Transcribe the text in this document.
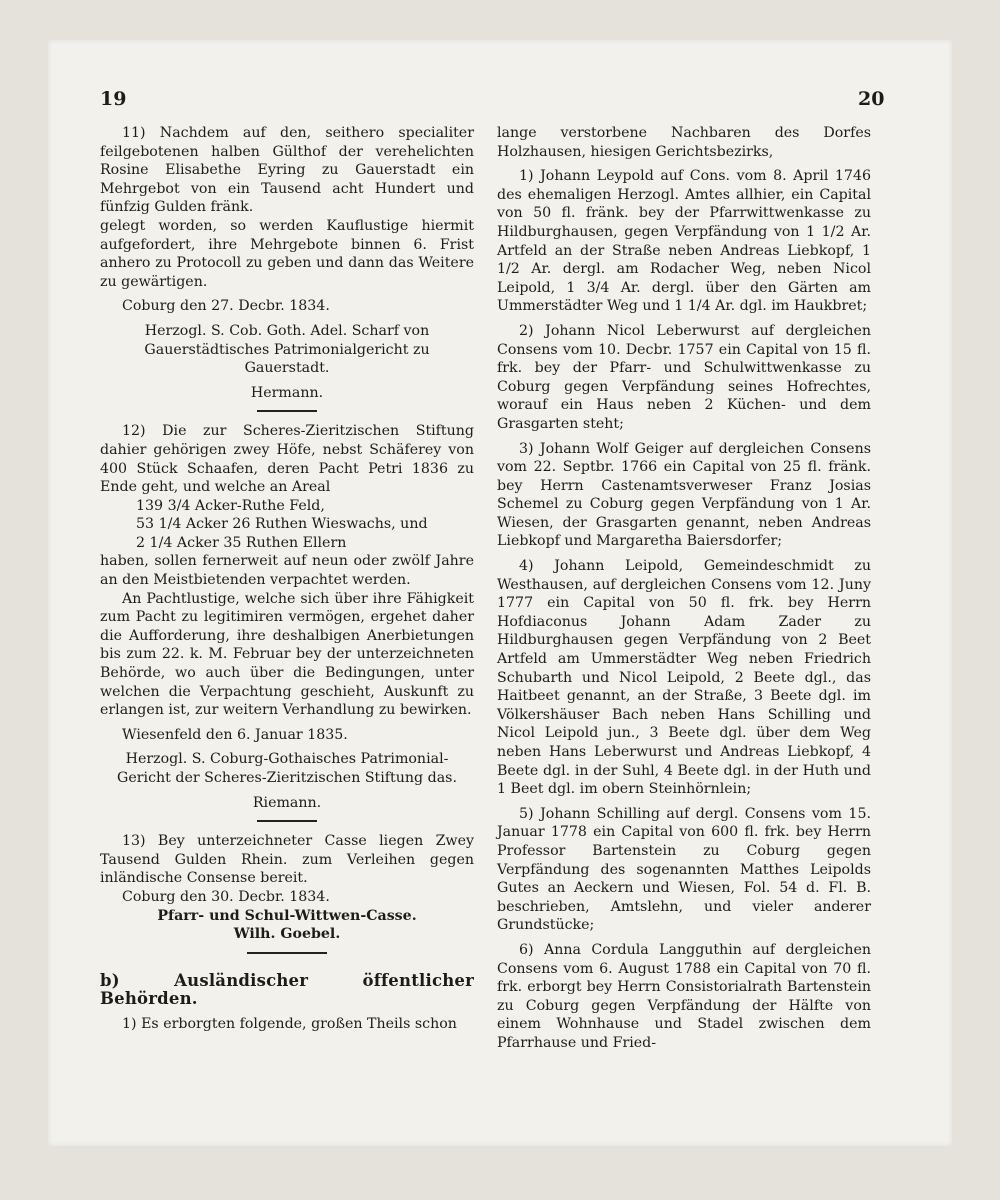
19	20

11) Nachdem auf den, seithero specialiter feilgebotenen halben Gülthof der verehelichten Rosine Elisabethe Eyring zu Gauerstadt ein Mehrgebot von ein Tausend acht Hundert und fünfzig Gulden fränk.

gelegt worden, so werden Kauflustige hiermit aufgefordert, ihre Mehrgebote binnen 6. Frist anhero zu Protocoll zu geben und dann das Weitere zu gewärtigen.

Coburg den 27. Decbr. 1834.

Herzogl. S. Cob. Goth. Adel. Scharf von Gauerstädtisches Patrimonialgericht zu Gauerstadt.

Hermann.

12) Die zur Scheres-Zieritzischen Stiftung dahier gehörigen zwey Höfe, nebst Schäferey von 400 Stück Schaafen, deren Pacht Petri 1836 zu Ende geht, und welche an Areal

139 3/4 Acker-Ruthe Feld,

53 1/4 Acker 26 Ruthen Wieswachs, und

2 1/4 Acker 35 Ruthen Ellern

haben, sollen fernerweit auf neun oder zwölf Jahre an den Meistbietenden verpachtet werden.

An Pachtlustige, welche sich über ihre Fähigkeit zum Pacht zu legitimiren vermögen, ergehet daher die Aufforderung, ihre deshalbigen Anerbietungen bis zum 22. k. M. Februar bey der unterzeichneten Behörde, wo auch über die Bedingungen, unter welchen die Verpachtung geschieht, Auskunft zu erlangen ist, zur weitern Verhandlung zu bewirken.

Wiesenfeld den 6. Januar 1835.

Herzogl. S. Coburg-Gothaisches Patrimonial-Gericht der Scheres-Zieritzischen Stiftung das.

Riemann.

13) Bey unterzeichneter Casse liegen Zwey Tausend Gulden Rhein. zum Verleihen gegen inländische Consense bereit.

Coburg den 30. Decbr. 1834.

Pfarr- und Schul-Wittwen-Casse.

Wilh. Goebel.

b) Ausländischer öffentlicher Behörden.

1) Es erborgten folgende, großen Theils schon

lange verstorbene Nachbaren des Dorfes Holzhausen, hiesigen Gerichtsbezirks,

1) Johann Leypold auf Cons. vom 8. April 1746 des ehemaligen Herzogl. Amtes allhier, ein Capital von 50 fl. fränk. bey der Pfarrwittwenkasse zu Hildburghausen, gegen Verpfändung von 1 1/2 Ar. Artfeld an der Straße neben Andreas Liebkopf, 1 1/2 Ar. dergl. am Rodacher Weg, neben Nicol Leipold, 1 3/4 Ar. dergl. über den Gärten am Ummerstädter Weg und 1 1/4 Ar. dgl. im Haukbret;

2) Johann Nicol Leberwurst auf dergleichen Consens vom 10. Decbr. 1757 ein Capital von 15 fl. frk. bey der Pfarr- und Schulwittwenkasse zu Coburg gegen Verpfändung seines Hofrechtes, worauf ein Haus neben 2 Küchen- und dem Grasgarten steht;

3) Johann Wolf Geiger auf dergleichen Consens vom 22. Septbr. 1766 ein Capital von 25 fl. fränk. bey Herrn Castenamtsverweser Franz Josias Schemel zu Coburg gegen Verpfändung von 1 Ar. Wiesen, der Grasgarten genannt, neben Andreas Liebkopf und Margaretha Baiersdorfer;

4) Johann Leipold, Gemeindeschmidt zu Westhausen, auf dergleichen Consens vom 12. Juny 1777 ein Capital von 50 fl. frk. bey Herrn Hofdiaconus Johann Adam Zader zu Hildburghausen gegen Verpfändung von 2 Beet Artfeld am Ummerstädter Weg neben Friedrich Schubarth und Nicol Leipold, 2 Beete dgl., das Haitbeet genannt, an der Straße, 3 Beete dgl. im Völkershäuser Bach neben Hans Schilling und Nicol Leipold jun., 3 Beete dgl. über dem Weg neben Hans Leberwurst und Andreas Liebkopf, 4 Beete dgl. in der Suhl, 4 Beete dgl. in der Huth und 1 Beet dgl. im obern Steinhörnlein;

5) Johann Schilling auf dergl. Consens vom 15. Januar 1778 ein Capital von 600 fl. frk. bey Herrn Professor Bartenstein zu Coburg gegen Verpfändung des sogenannten Matthes Leipolds Gutes an Aeckern und Wiesen, Fol. 54 d. Fl. B. beschrieben, Amtslehn, und vieler anderer Grundstücke;

6) Anna Cordula Langguthin auf dergleichen Consens vom 6. August 1788 ein Capital von 70 fl. frk. erborgt bey Herrn Consistorialrath Bartenstein zu Coburg gegen Verpfändung der Hälfte von einem Wohnhause und Stadel zwischen dem Pfarrhause und Fried-
